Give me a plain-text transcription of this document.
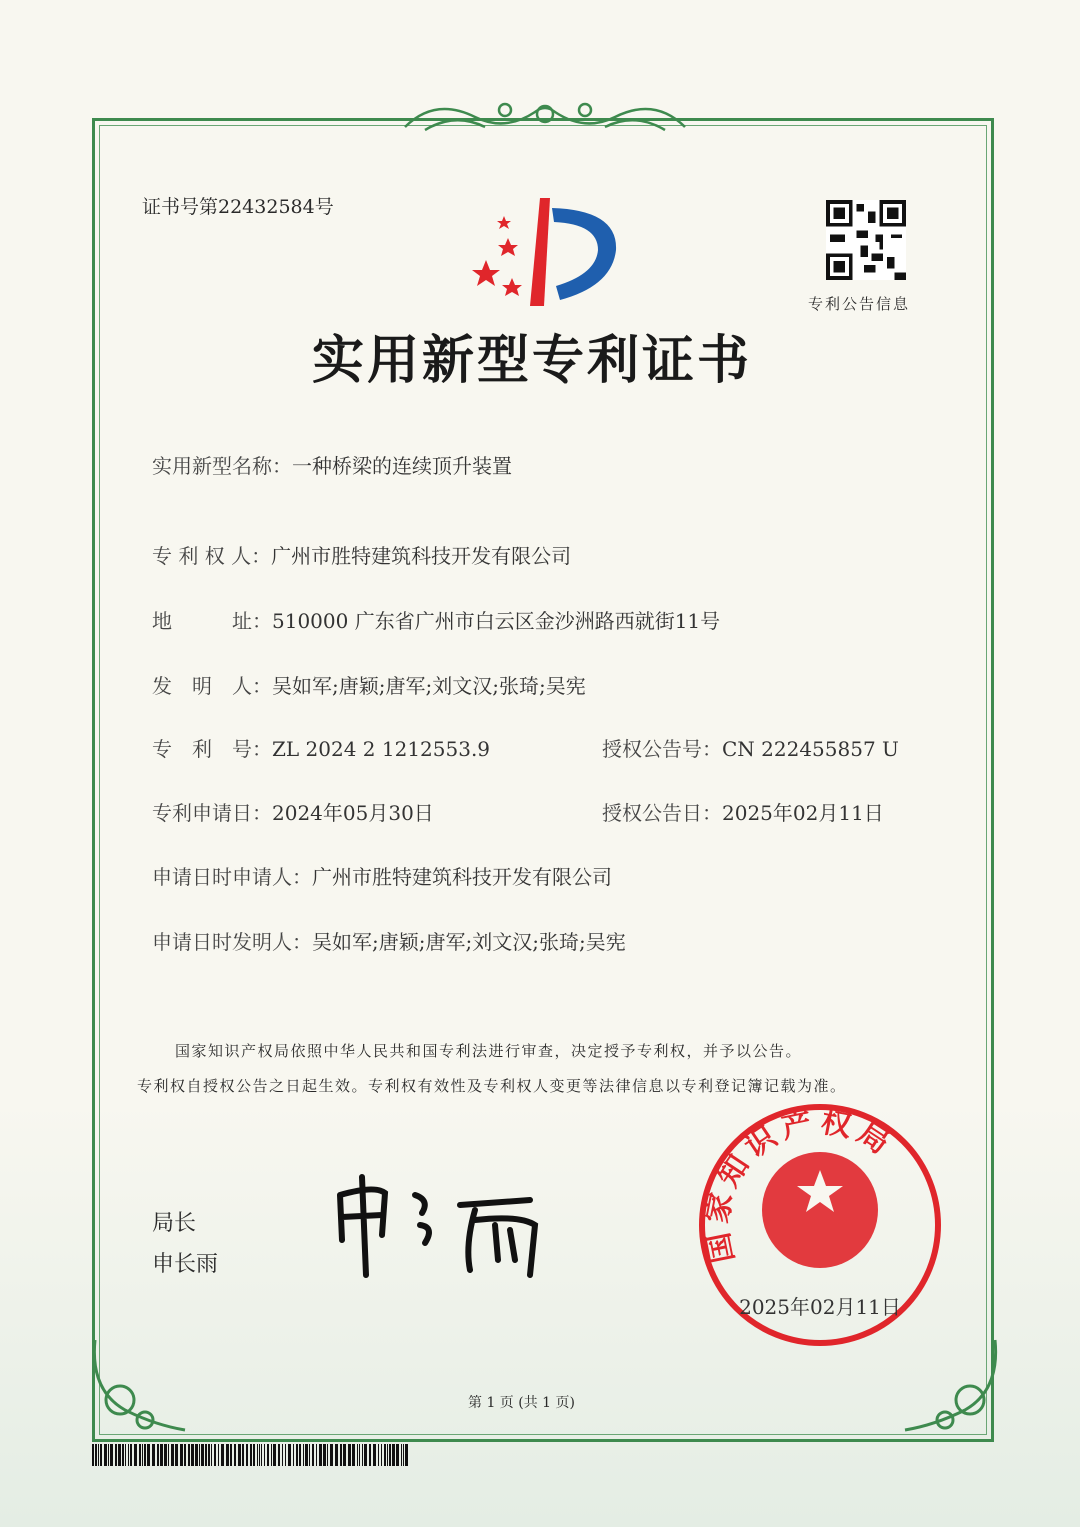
证书号第22432584号
专利公告信息
实用新型专利证书
实用新型名称：一种桥梁的连续顶升装置
专 利 权 人：广州市胜特建筑科技开发有限公司
地　　　址：510000 广东省广州市白云区金沙洲路西就街11号
发　明　人：吴如军;唐颖;唐军;刘文汉;张琦;吴宪
专　利　号：ZL 2024 2 1212553.9	授权公告号：CN 222455857 U
专利申请日：2024年05月30日	授权公告日：2025年02月11日
申请日时申请人：广州市胜特建筑科技开发有限公司
申请日时发明人：吴如军;唐颖;唐军;刘文汉;张琦;吴宪
国家知识产权局依照中华人民共和国专利法进行审查，决定授予专利权，并予以公告。
专利权自授权公告之日起生效。专利权有效性及专利权人变更等法律信息以专利登记簿记载为准。
局长
申长雨	国家知识产权局
2025年02月11日
第 1 页 (共 1 页)
